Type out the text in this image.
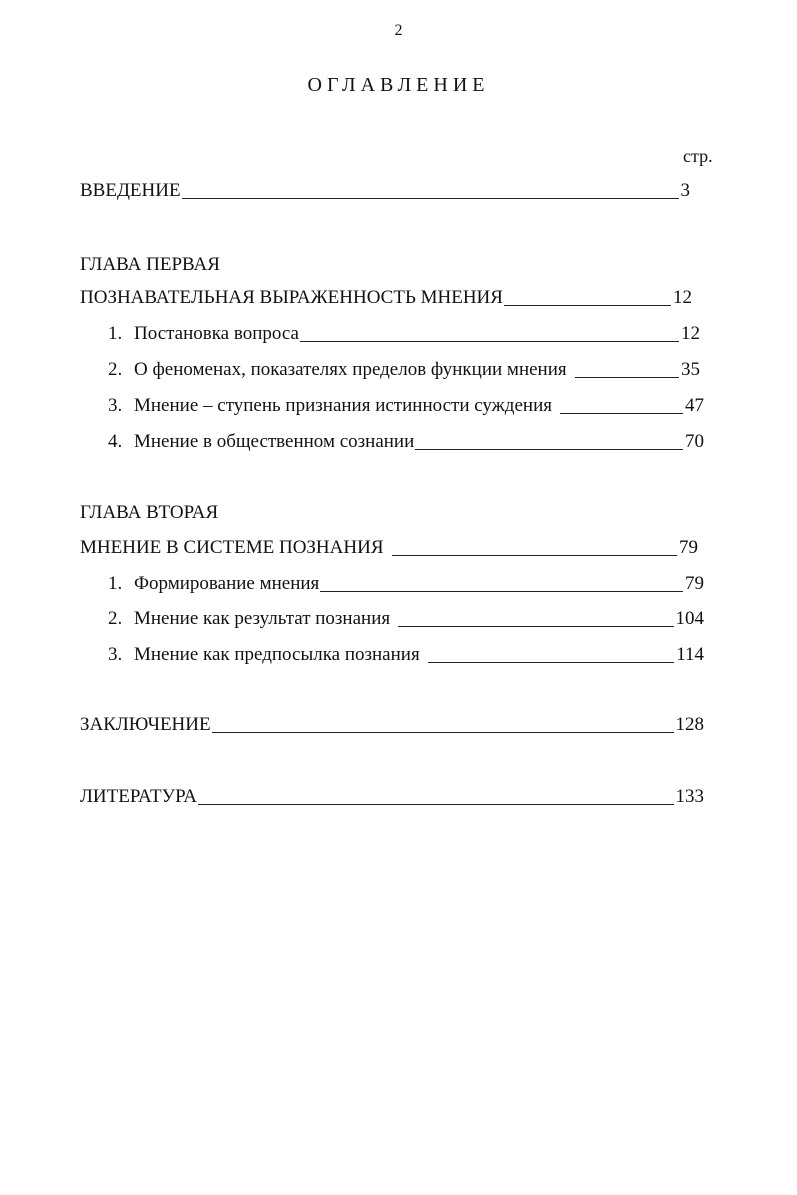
2
ОГЛАВЛЕНИЕ
стр.
ВВЕДЕНИЕ	3
ГЛАВА ПЕРВАЯ
ПОЗНАВАТЕЛЬНАЯ ВЫРАЖЕННОСТЬ МНЕНИЯ	12
1. Постановка вопроса	12
2. О феноменах, показателях пределов функции мнения	35
3. Мнение – ступень признания истинности суждения	47
4. Мнение в общественном сознании	70
ГЛАВА ВТОРАЯ
МНЕНИЕ В СИСТЕМЕ ПОЗНАНИЯ	79
1. Формирование мнения	79
2. Мнение как результат познания	104
3. Мнение как предпосылка познания	114
ЗАКЛЮЧЕНИЕ	128
ЛИТЕРАТУРА	133
